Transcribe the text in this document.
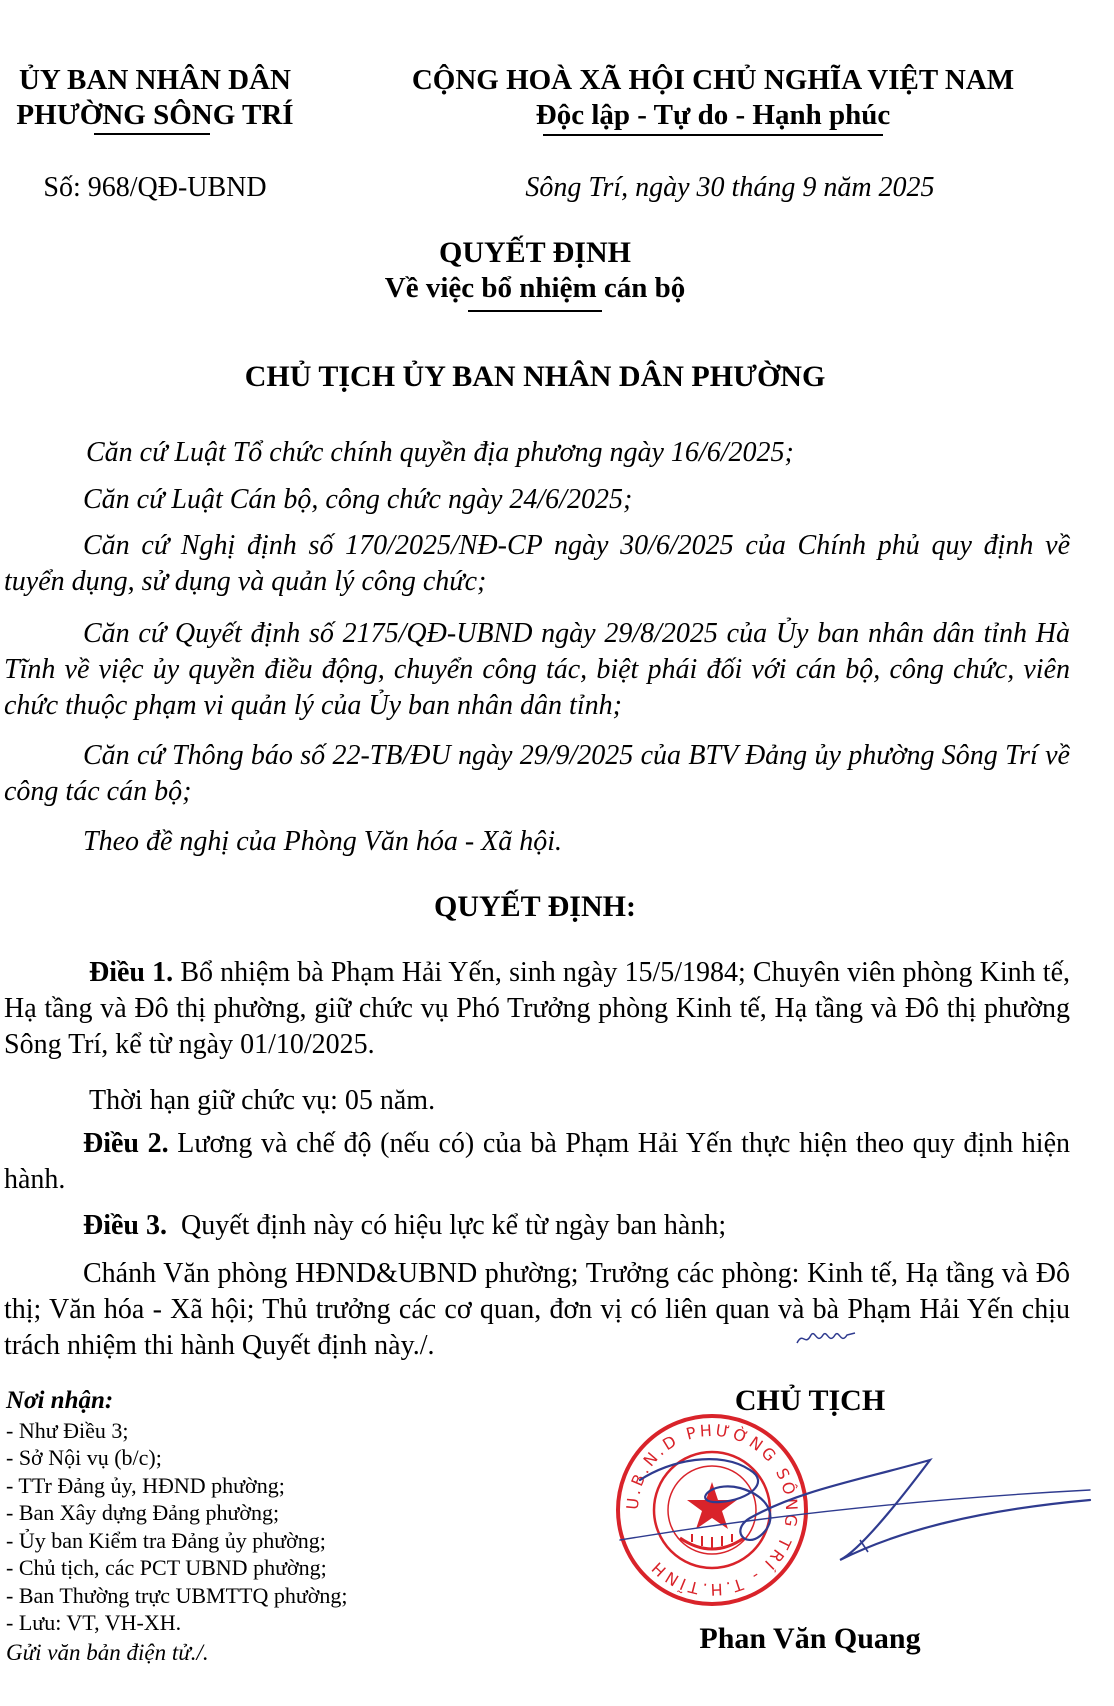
ỦY BAN NHÂN DÂN
PHƯỜNG SÔNG TRÍ
CỘNG HOÀ XÃ HỘI CHỦ NGHĨA VIỆT NAM
Độc lập - Tự do - Hạnh phúc
Số: 968/QĐ-UBND	Sông Trí, ngày 30 tháng 9 năm 2025
QUYẾT ĐỊNH
Về việc bổ nhiệm cán bộ
CHỦ TỊCH ỦY BAN NHÂN DÂN PHƯỜNG
Căn cứ Luật Tổ chức chính quyền địa phương ngày 16/6/2025;
Căn cứ Luật Cán bộ, công chức ngày 24/6/2025;
Căn cứ Nghị định số 170/2025/NĐ-CP ngày 30/6/2025 của Chính phủ quy định về tuyển dụng, sử dụng và quản lý công chức;
Căn cứ Quyết định số 2175/QĐ-UBND ngày 29/8/2025 của Ủy ban nhân dân tỉnh Hà Tĩnh về việc ủy quyền điều động, chuyển công tác, biệt phái đối với cán bộ, công chức, viên chức thuộc phạm vi quản lý của Ủy ban nhân dân tỉnh;
Căn cứ Thông báo số 22-TB/ĐU ngày 29/9/2025 của BTV Đảng ủy phường Sông Trí về công tác cán bộ;
Theo đề nghị của Phòng Văn hóa - Xã hội.
QUYẾT ĐỊNH:
Điều 1. Bổ nhiệm bà Phạm Hải Yến, sinh ngày 15/5/1984; Chuyên viên phòng Kinh tế, Hạ tầng và Đô thị phường, giữ chức vụ Phó Trưởng phòng Kinh tế, Hạ tầng và Đô thị phường Sông Trí, kể từ ngày 01/10/2025.
Thời hạn giữ chức vụ: 05 năm.
Điều 2. Lương và chế độ (nếu có) của bà Phạm Hải Yến thực hiện theo quy định hiện hành.
Điều 3. Quyết định này có hiệu lực kể từ ngày ban hành;
Chánh Văn phòng HĐND&UBND phường; Trưởng các phòng: Kinh tế, Hạ tầng và Đô thị; Văn hóa - Xã hội; Thủ trưởng các cơ quan, đơn vị có liên quan và bà Phạm Hải Yến chịu trách nhiệm thi hành Quyết định này./.
Nơi nhận:
- Như Điều 3;
- Sở Nội vụ (b/c);
- TTr Đảng ủy, HĐND phường;
- Ban Xây dựng Đảng phường;
- Ủy ban Kiểm tra Đảng ủy phường;
- Chủ tịch, các PCT UBND phường;
- Ban Thường trực UBMTTQ phường;
- Lưu: VT, VH-XH.
Gửi văn bản điện tử./.
CHỦ TỊCH
U.B.N.D PHƯỜNG SÔNG TRÍ - T.H.TĨNH
Phan Văn Quang
